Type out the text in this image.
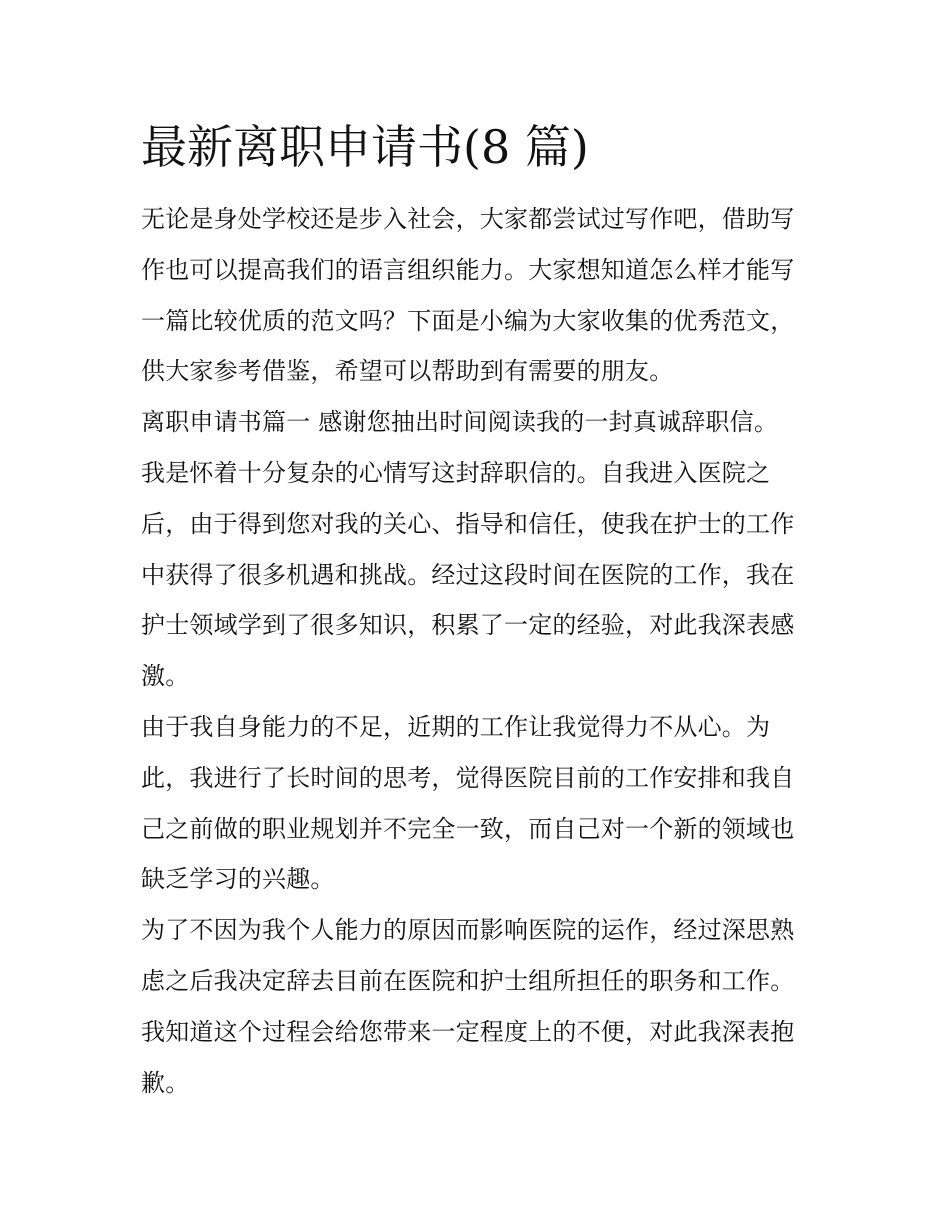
最新离职申请书(8 篇)

无论是身处学校还是步入社会，大家都尝试过写作吧，借助写作也可以提高我们的语言组织能力。大家想知道怎么样才能写一篇比较优质的范文吗？下面是小编为大家收集的优秀范文，供大家参考借鉴，希望可以帮助到有需要的朋友。

离职申请书篇一 感谢您抽出时间阅读我的一封真诚辞职信。

我是怀着十分复杂的心情写这封辞职信的。自我进入医院之后，由于得到您对我的关心、指导和信任，使我在护士的工作中获得了很多机遇和挑战。经过这段时间在医院的工作，我在护士领域学到了很多知识，积累了一定的经验，对此我深表感激。

由于我自身能力的不足，近期的工作让我觉得力不从心。为此，我进行了长时间的思考，觉得医院目前的工作安排和我自己之前做的职业规划并不完全一致，而自己对一个新的领域也缺乏学习的兴趣。

为了不因为我个人能力的原因而影响医院的运作，经过深思熟虑之后我决定辞去目前在医院和护士组所担任的职务和工作。我知道这个过程会给您带来一定程度上的不便，对此我深表抱歉。
